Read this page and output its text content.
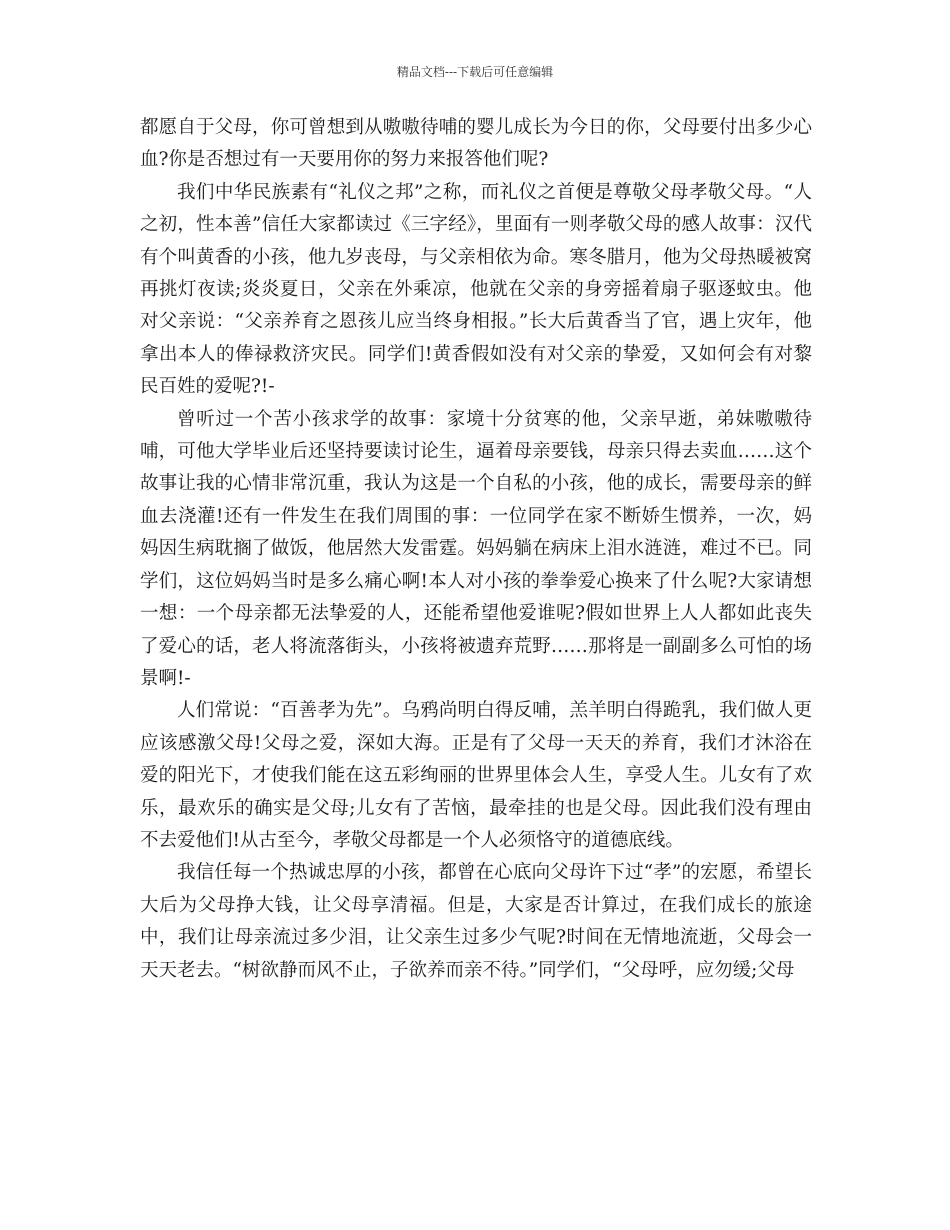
精品文档---下载后可任意编辑

都愿自于父母，你可曾想到从嗷嗷待哺的婴儿成长为今日的你，父母要付出多少心血?你是否想过有一天要用你的努力来报答他们呢?

我们中华民族素有“礼仪之邦”之称，而礼仪之首便是尊敬父母孝敬父母。“人之初，性本善”信任大家都读过《三字经》，里面有一则孝敬父母的感人故事：汉代有个叫黄香的小孩，他九岁丧母，与父亲相依为命。寒冬腊月，他为父母热暖被窝再挑灯夜读;炎炎夏日，父亲在外乘凉，他就在父亲的身旁摇着扇子驱逐蚊虫。他对父亲说：“父亲养育之恩孩儿应当终身相报。”长大后黄香当了官，遇上灾年，他拿出本人的俸禄救济灾民。同学们!黄香假如没有对父亲的挚爱，又如何会有对黎民百姓的爱呢?!-

曾听过一个苦小孩求学的故事：家境十分贫寒的他，父亲早逝，弟妹嗷嗷待哺，可他大学毕业后还坚持要读讨论生，逼着母亲要钱，母亲只得去卖血……这个故事让我的心情非常沉重，我认为这是一个自私的小孩，他的成长，需要母亲的鲜血去浇灌!还有一件发生在我们周围的事：一位同学在家不断娇生惯养，一次，妈妈因生病耽搁了做饭，他居然大发雷霆。妈妈躺在病床上泪水涟涟，难过不已。同学们，这位妈妈当时是多么痛心啊!本人对小孩的拳拳爱心换来了什么呢?大家请想一想：一个母亲都无法挚爱的人，还能希望他爱谁呢?假如世界上人人都如此丧失了爱心的话，老人将流落街头，小孩将被遗弃荒野……那将是一副副多么可怕的场景啊!-

人们常说：“百善孝为先”。乌鸦尚明白得反哺，羔羊明白得跪乳，我们做人更应该感激父母!父母之爱，深如大海。正是有了父母一天天的养育，我们才沐浴在爱的阳光下，才使我们能在这五彩绚丽的世界里体会人生，享受人生。儿女有了欢乐，最欢乐的确实是父母;儿女有了苦恼，最牵挂的也是父母。因此我们没有理由不去爱他们!从古至今，孝敬父母都是一个人必须恪守的道德底线。

我信任每一个热诚忠厚的小孩，都曾在心底向父母许下过“孝”的宏愿，希望长大后为父母挣大钱，让父母享清福。但是，大家是否计算过，在我们成长的旅途中，我们让母亲流过多少泪，让父亲生过多少气呢?时间在无情地流逝，父母会一天天老去。“树欲静而风不止，子欲养而亲不待。”同学们，“父母呼，应勿缓;父母
